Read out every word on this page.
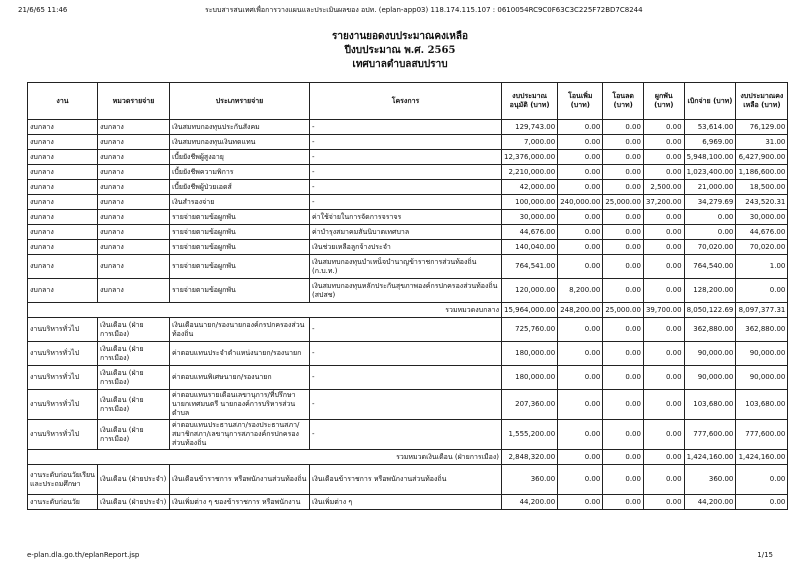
21/6/65 11:46	ระบบสารสนเทศเพื่อการวางแผนและประเมินผลของ อปท. (eplan-app03) 118.174.115.107 : 0610054RC9C0F63C3C225F72BD7C8244
รายงานยอดงบประมาณคงเหลือ
ปีงบประมาณ พ.ศ. 2565
เทศบาลตำบลสบปราบ
งาน	หมวดรายจ่าย	ประเภทรายจ่าย	โครงการ	งบประมาณอนุมัติ (บาท)	โอนเพิ่ม (บาท)	โอนลด (บาท)	ผูกพัน (บาท)	เบิกจ่าย (บาท)	งบประมาณคงเหลือ (บาท)
งบกลาง	งบกลาง	เงินสมทบกองทุนประกันสังคม	-	129,743.00	0.00	0.00	0.00	53,614.00	76,129.00
งบกลาง	งบกลาง	เงินสมทบกองทุนเงินทดแทน	-	7,000.00	0.00	0.00	0.00	6,969.00	31.00
งบกลาง	งบกลาง	เบี้ยยังชีพผู้สูงอายุ	-	12,376,000.00	0.00	0.00	0.00	5,948,100.00	6,427,900.00
งบกลาง	งบกลาง	เบี้ยยังชีพความพิการ	-	2,210,000.00	0.00	0.00	0.00	1,023,400.00	1,186,600.00
งบกลาง	งบกลาง	เบี้ยยังชีพผู้ป่วยเอดส์	-	42,000.00	0.00	0.00	2,500.00	21,000.00	18,500.00
งบกลาง	งบกลาง	เงินสำรองจ่าย	-	100,000.00	240,000.00	25,000.00	37,200.00	34,279.69	243,520.31
งบกลาง	งบกลาง	รายจ่ายตามข้อผูกพัน	ค่าใช้จ่ายในการจัดการจราจร	30,000.00	0.00	0.00	0.00	0.00	30,000.00
งบกลาง	งบกลาง	รายจ่ายตามข้อผูกพัน	ค่าบำรุงสมาคมสันนิบาตเทศบาล	44,676.00	0.00	0.00	0.00	0.00	44,676.00
งบกลาง	งบกลาง	รายจ่ายตามข้อผูกพัน	เงินช่วยเหลือลูกจ้างประจำ	140,040.00	0.00	0.00	0.00	70,020.00	70,020.00
งบกลาง	งบกลาง	รายจ่ายตามข้อผูกพัน	เงินสมทบกองทุนบำเหน็จบำนาญข้าราชการส่วนท้องถิ่น (ก.บ.ท.)	764,541.00	0.00	0.00	0.00	764,540.00	1.00
งบกลาง	งบกลาง	รายจ่ายตามข้อผูกพัน	เงินสมทบกองทุนหลักประกันสุขภาพองค์กรปกครองส่วนท้องถิ่น (สปสช)	120,000.00	8,200.00	0.00	0.00	128,200.00	0.00
รวมหมวดงบกลาง				15,964,000.00	248,200.00	25,000.00	39,700.00	8,050,122.69	8,097,377.31
งานบริหารทั่วไป	เงินเดือน (ฝ่ายการเมือง)	เงินเดือนนายก/รองนายกองค์กรปกครองส่วนท้องถิ่น	-	725,760.00	0.00	0.00	0.00	362,880.00	362,880.00
งานบริหารทั่วไป	เงินเดือน (ฝ่ายการเมือง)	ค่าตอบแทนประจำตำแหน่งนายก/รองนายก	-	180,000.00	0.00	0.00	0.00	90,000.00	90,000.00
งานบริหารทั่วไป	เงินเดือน (ฝ่ายการเมือง)	ค่าตอบแทนพิเศษนายก/รองนายก	-	180,000.00	0.00	0.00	0.00	90,000.00	90,000.00
งานบริหารทั่วไป	เงินเดือน (ฝ่ายการเมือง)	ค่าตอบแทนรายเดือนเลขานุการ/ที่ปรึกษานายกเทศมนตรี นายกองค์การบริหารส่วนตำบล	-	207,360.00	0.00	0.00	0.00	103,680.00	103,680.00
งานบริหารทั่วไป	เงินเดือน (ฝ่ายการเมือง)	ค่าตอบแทนประธานสภา/รองประธานสภา/สมาชิกสภา/เลขานุการสภาองค์กรปกครองส่วนท้องถิ่น	-	1,555,200.00	0.00	0.00	0.00	777,600.00	777,600.00
รวมหมวดเงินเดือน (ฝ่ายการเมือง)				2,848,320.00	0.00	0.00	0.00	1,424,160.00	1,424,160.00
งานระดับก่อนวัยเรียนและประถมศึกษา	เงินเดือน (ฝ่ายประจำ)	เงินเดือนข้าราชการ หรือพนักงานส่วนท้องถิ่น	เงินเดือนข้าราชการ หรือพนักงานส่วนท้องถิ่น	360.00	0.00	0.00	0.00	360.00	0.00
งานระดับก่อนวัย	เงินเดือน (ฝ่ายประจำ)	เงินเพิ่มต่าง ๆ ของข้าราชการ หรือพนักงาน	เงินเพิ่มต่าง ๆ	44,200.00	0.00	0.00	0.00	44,200.00	0.00
e-plan.dla.go.th/eplanReport.jsp	1/15
